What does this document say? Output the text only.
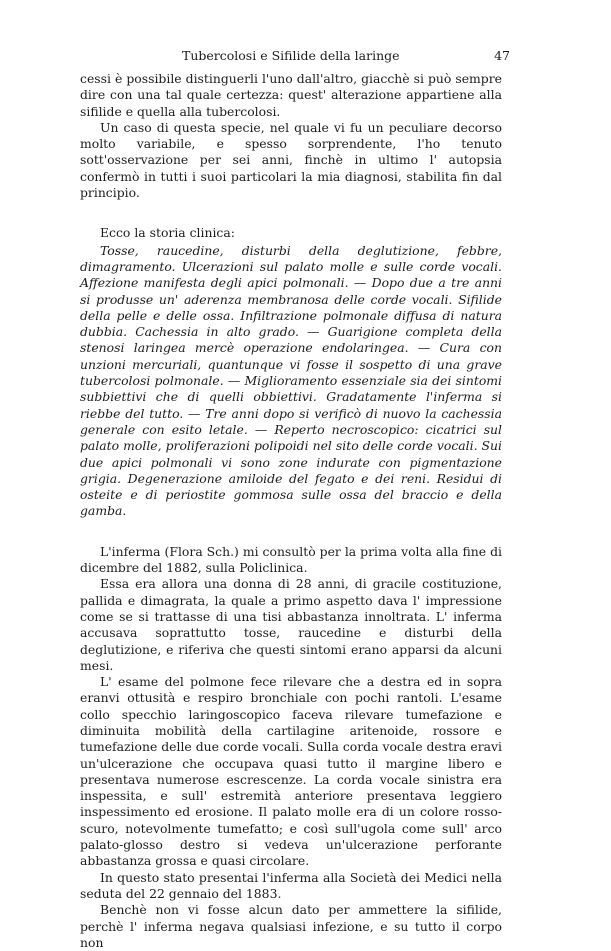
Tubercolosi e Sifilide della laringe	47

cessi è possibile distinguerli l'uno dall'altro, giacchè si può sempre dire con una tal quale certezza: quest' alterazione appartiene alla sifilide e quella alla tubercolosi.

Un caso di questa specie, nel quale vi fu un peculiare decorso molto variabile, e spesso sorprendente, l'ho tenuto sott'osservazione per sei anni, finchè in ultimo l' autopsia confermò in tutti i suoi particolari la mia diagnosi, stabilita fin dal principio.

Ecco la storia clinica:

Tosse, raucedine, disturbi della deglutizione, febbre, dimagramento. Ulcerazioni sul palato molle e sulle corde vocali. Affezione manifesta degli apici polmonali. — Dopo due a tre anni si produsse un' aderenza membranosa delle corde vocali. Sifilide della pelle e delle ossa. Infiltrazione polmonale diffusa di natura dubbia. Cachessia in alto grado. — Guarigione completa della stenosi laringea mercè operazione endolaringea. — Cura con unzioni mercuriali, quantunque vi fosse il sospetto di una grave tubercolosi polmonale. — Miglioramento essenziale sia dei sintomi subbiettivi che di quelli obbiettivi. Gradatamente l'inferma si riebbe del tutto. — Tre anni dopo si verificò di nuovo la cachessia generale con esito letale. — Reperto necroscopico: cicatrici sul palato molle, proliferazioni polipoidi nel sito delle corde vocali. Sui due apici polmonali vi sono zone indurate con pigmentazione grigia. Degenerazione amiloide del fegato e dei reni. Residui di osteite e di periostite gommosa sulle ossa del braccio e della gamba.

L'inferma (Flora Sch.) mi consultò per la prima volta alla fine di dicembre del 1882, sulla Policlinica.

Essa era allora una donna di 28 anni, di gracile costituzione, pallida e dimagrata, la quale a primo aspetto dava l' impressione come se si trattasse di una tisi abbastanza innoltrata. L' inferma accusava soprattutto tosse, raucedine e disturbi della deglutizione, e riferiva che questi sintomi erano apparsi da alcuni mesi.

L' esame del polmone fece rilevare che a destra ed in sopra eranvi ottusità e respiro bronchiale con pochi rantoli. L'esame collo specchio laringoscopico faceva rilevare tumefazione e diminuita mobilità della cartilagine aritenoide, rossore e tumefazione delle due corde vocali. Sulla corda vocale destra eravi un'ulcerazione che occupava quasi tutto il margine libero e presentava numerose escrescenze. La corda vocale sinistra era inspessita, e sull' estremità anteriore presentava leggiero inspessimento ed erosione. Il palato molle era di un colore rosso-scuro, notevolmente tumefatto; e così sull'ugola come sull' arco palato-glosso destro si vedeva un'ulcerazione perforante abbastanza grossa e quasi circolare.

In questo stato presentai l'inferma alla Società dei Medici nella seduta del 22 gennaio del 1883.

Benchè non vi fosse alcun dato per ammettere la sifilide, perchè l' inferma negava qualsiasi infezione, e su tutto il corpo non
